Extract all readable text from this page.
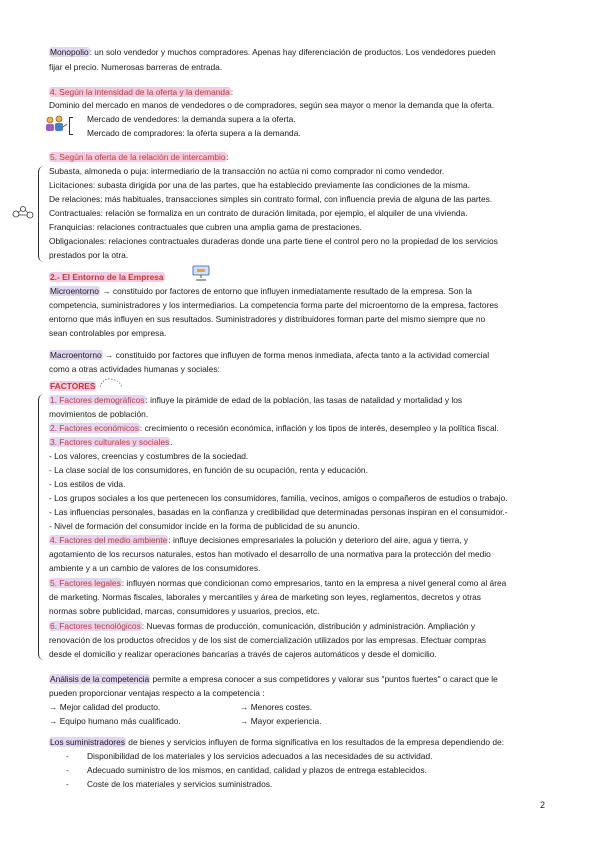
Monopolio: un solo vendedor y muchos compradores. Apenas hay diferenciación de productos. Los vendedores pueden
fijar el precio. Numerosas barreras de entrada.
4. Según la intensidad de la oferta y la demanda:
Dominio del mercado en manos de vendedores o de compradores, según sea mayor o menor la demanda que la oferta.
Mercado de vendedores: la demanda supera a la oferta.
Mercado de compradores: la oferta supera a la demanda.
5. Según la oferta de la relación de intercambio:
Subasta, almoneda o puja: intermediario de la transacción no actúa ni como comprador ni como vendedor.
Licitaciones: subasta dirigida por una de las partes, que ha establecido previamente las condiciones de la misma.
De relaciones: más habituales, transacciones simples sin contrato formal, con influencia previa de alguna de las partes.
Contractuales: relación se formaliza en un contrato de duración limitada, por ejemplo, el alquiler de una vivienda.
Franquicias: relaciones contractuales que cubren una amplia gama de prestaciones.
Obligacionales: relaciones contractuales duraderas donde una parte tiene el control pero no la propiedad de los servicios
prestados por la otra.
2.- El Entorno de la Empresa
Microentorno → constituido por factores de entorno que influyen inmediatamente resultado de la empresa. Son la
competencia, suministradores y los intermediarios. La competencia forma parte del microentorno de la empresa, factores
entorno que más influyen en sus resultados. Suministradores y distribuidores forman parte del mismo siempre que no
sean controlables por empresa.
Macroentorno → constituido por factores que influyen de forma menos inmediata, afecta tanto a la actividad comercial
como a otras actividades humanas y sociales:
FACTORES
1. Factores demográficos: influye la pirámide de edad de la población, las tasas de natalidad y mortalidad y los
movimientos de población.
2. Factores económicos: crecimiento o recesión económica, inflación y los tipos de interés, desempleo y la política fiscal.
3. Factores culturales y sociales.
- Los valores, creencias y costumbres de la sociedad.
- La clase social de los consumidores, en función de su ocupación, renta y educación.
- Los estilos de vida.
- Los grupos sociales a los que pertenecen los consumidores, familia, vecinos, amigos o compañeros de estudios o trabajo.
- Las influencias personales, basadas en la confianza y credibilidad que determinadas personas inspiran en el consumidor.-
- Nivel de formación del consumidor incide en la forma de publicidad de su anuncio.
4. Factores del medio ambiente: influye decisiones empresariales la polución y deterioro del aire, agua y tierra, y
agotamiento de los recursos naturales, estos han motivado el desarrollo de una normativa para la protección del medio
ambiente y a un cambio de valores de los consumidores.
5. Factores legales: influyen normas que condicionan como empresarios, tanto en la empresa a nivel general como al área
de marketing. Normas fiscales, laborales y mercantiles y área de marketing son leyes, reglamentos, decretos y otras
normas sobre publicidad, marcas, consumidores y usuarios, precios, etc.
6. Factores tecnológicos: Nuevas formas de producción, comunicación, distribución y administración. Ampliación y
renovación de los productos ofrecidos y de los sist de comercialización utilizados por las empresas. Efectuar compras
desde el domicilio y realizar operaciones bancarias a través de cajeros automáticos y desde el domicilio.
Análisis de la competencia permite a empresa conocer a sus competidores y valorar sus "puntos fuertes" o caract que le
pueden proporcionar ventajas respecto a la competencia :
→ Mejor calidad del producto.	→ Menores costes.
→ Equipo humano más cualificado.	→ Mayor experiencia.
Los suministradores de bienes y servicios influyen de forma significativa en los resultados de la empresa dependiendo de:
- Disponibilidad de los materiales y los servicios adecuados a las necesidades de su actividad.
- Adecuado suministro de los mismos, en cantidad, calidad y plazos de entrega establecidos.
- Coste de los materiales y servicios suministrados.
2
